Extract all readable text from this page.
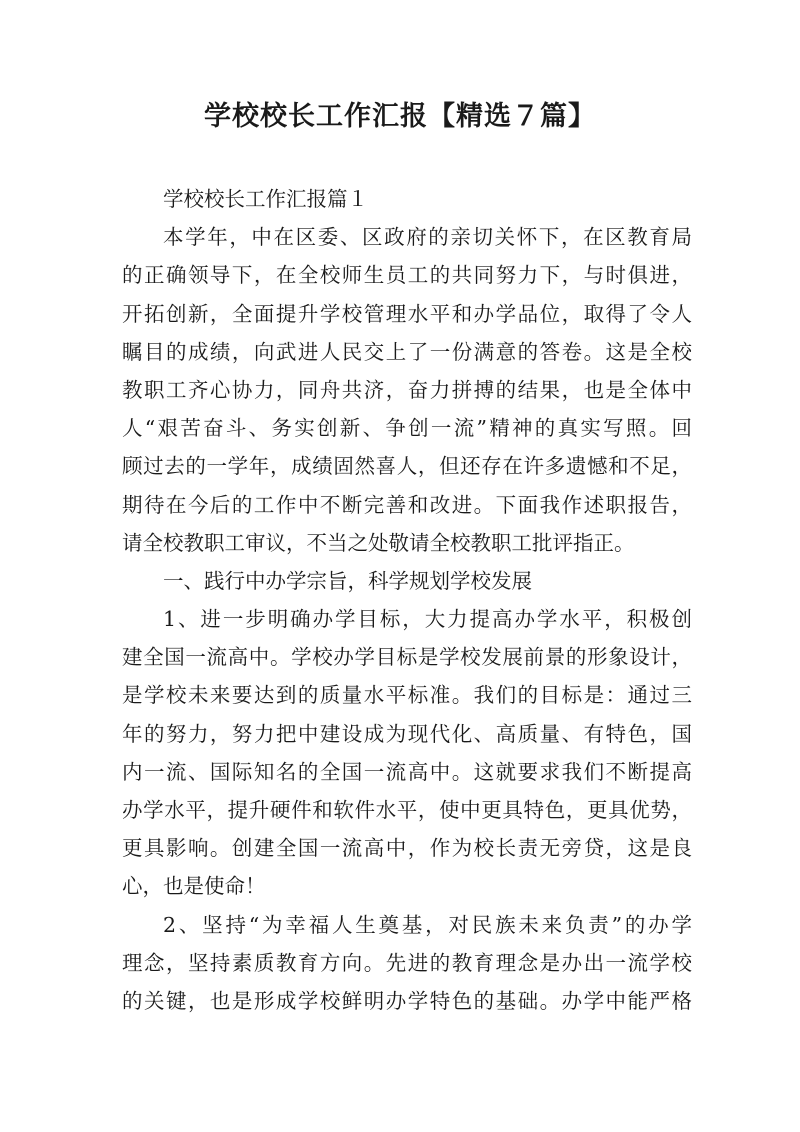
学校校长工作汇报【精选７篇】
学校校长工作汇报篇１
本学年，中在区委、区政府的亲切关怀下，在区教育局
的正确领导下，在全校师生员工的共同努力下，与时俱进，
开拓创新，全面提升学校管理水平和办学品位，取得了令人
瞩目的成绩，向武进人民交上了一份满意的答卷。这是全校
教职工齐心协力，同舟共济，奋力拼搏的结果，也是全体中
人“艰苦奋斗、务实创新、争创一流”精神的真实写照。回
顾过去的一学年，成绩固然喜人，但还存在许多遗憾和不足，
期待在今后的工作中不断完善和改进。下面我作述职报告，
请全校教职工审议，不当之处敬请全校教职工批评指正。
一、践行中办学宗旨，科学规划学校发展
1、进一步明确办学目标，大力提高办学水平，积极创
建全国一流高中。学校办学目标是学校发展前景的形象设计，
是学校未来要达到的质量水平标准。我们的目标是：通过三
年的努力，努力把中建设成为现代化、高质量、有特色，国
内一流、国际知名的全国一流高中。这就要求我们不断提高
办学水平，提升硬件和软件水平，使中更具特色，更具优势，
更具影响。创建全国一流高中，作为校长责无旁贷，这是良
心，也是使命！
2、坚持“为幸福人生奠基，对民族未来负责”的办学
理念，坚持素质教育方向。先进的教育理念是办出一流学校
的关键，也是形成学校鲜明办学特色的基础。办学中能严格
